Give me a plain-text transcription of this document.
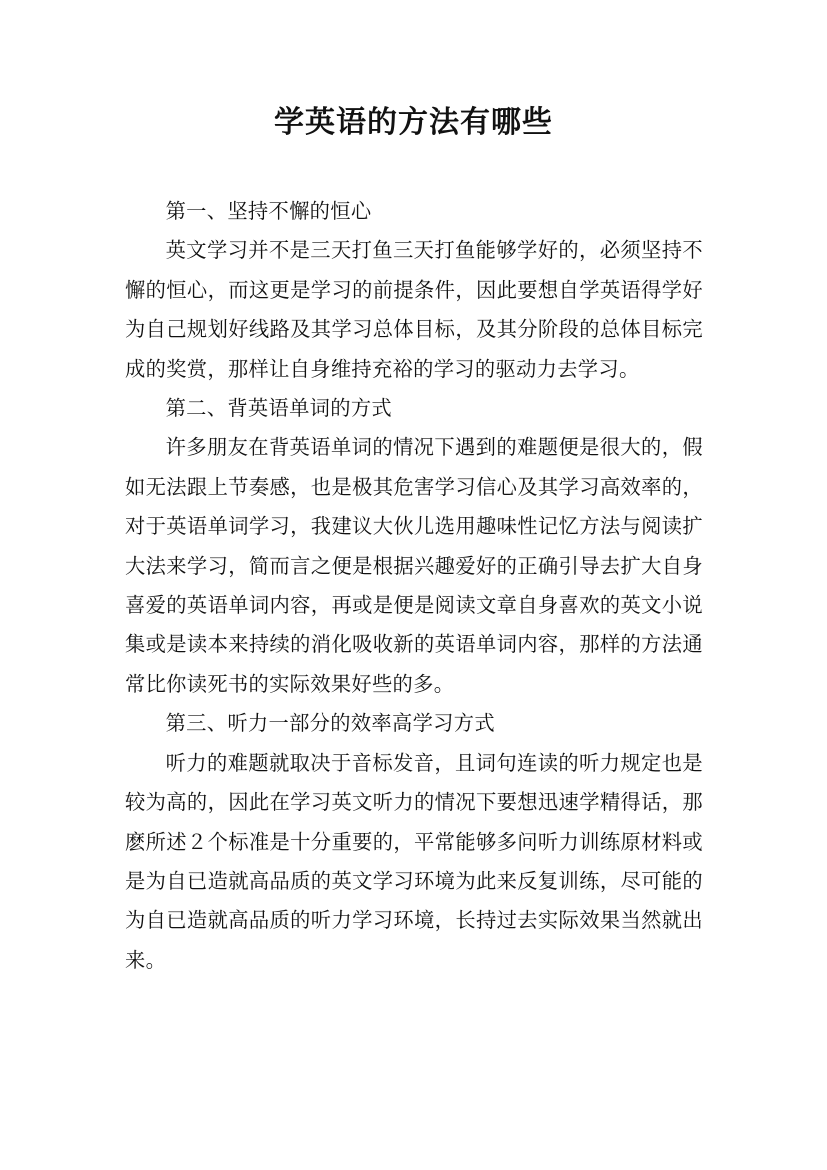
学英语的方法有哪些

第一、坚持不懈的恒心

英文学习并不是三天打鱼三天打鱼能够学好的，必须坚持不懈的恒心，而这更是学习的前提条件，因此要想自学英语得学好为自己规划好线路及其学习总体目标，及其分阶段的总体目标完成的奖赏，那样让自身维持充裕的学习的驱动力去学习。

第二、背英语单词的方式

许多朋友在背英语单词的情况下遇到的难题便是很大的，假如无法跟上节奏感，也是极其危害学习信心及其学习高效率的，对于英语单词学习，我建议大伙儿选用趣味性记忆方法与阅读扩大法来学习，简而言之便是根据兴趣爱好的正确引导去扩大自身喜爱的英语单词内容，再或是便是阅读文章自身喜欢的英文小说集或是读本来持续的消化吸收新的英语单词内容，那样的方法通常比你读死书的实际效果好些的多。

第三、听力一部分的效率高学习方式

听力的难题就取决于音标发音，且词句连读的听力规定也是较为高的，因此在学习英文听力的情况下要想迅速学精得话，那麽所述２个标准是十分重要的，平常能够多问听力训练原材料或是为自已造就高品质的英文学习环境为此来反复训练，尽可能的为自已造就高品质的听力学习环境，长持过去实际效果当然就出来。
